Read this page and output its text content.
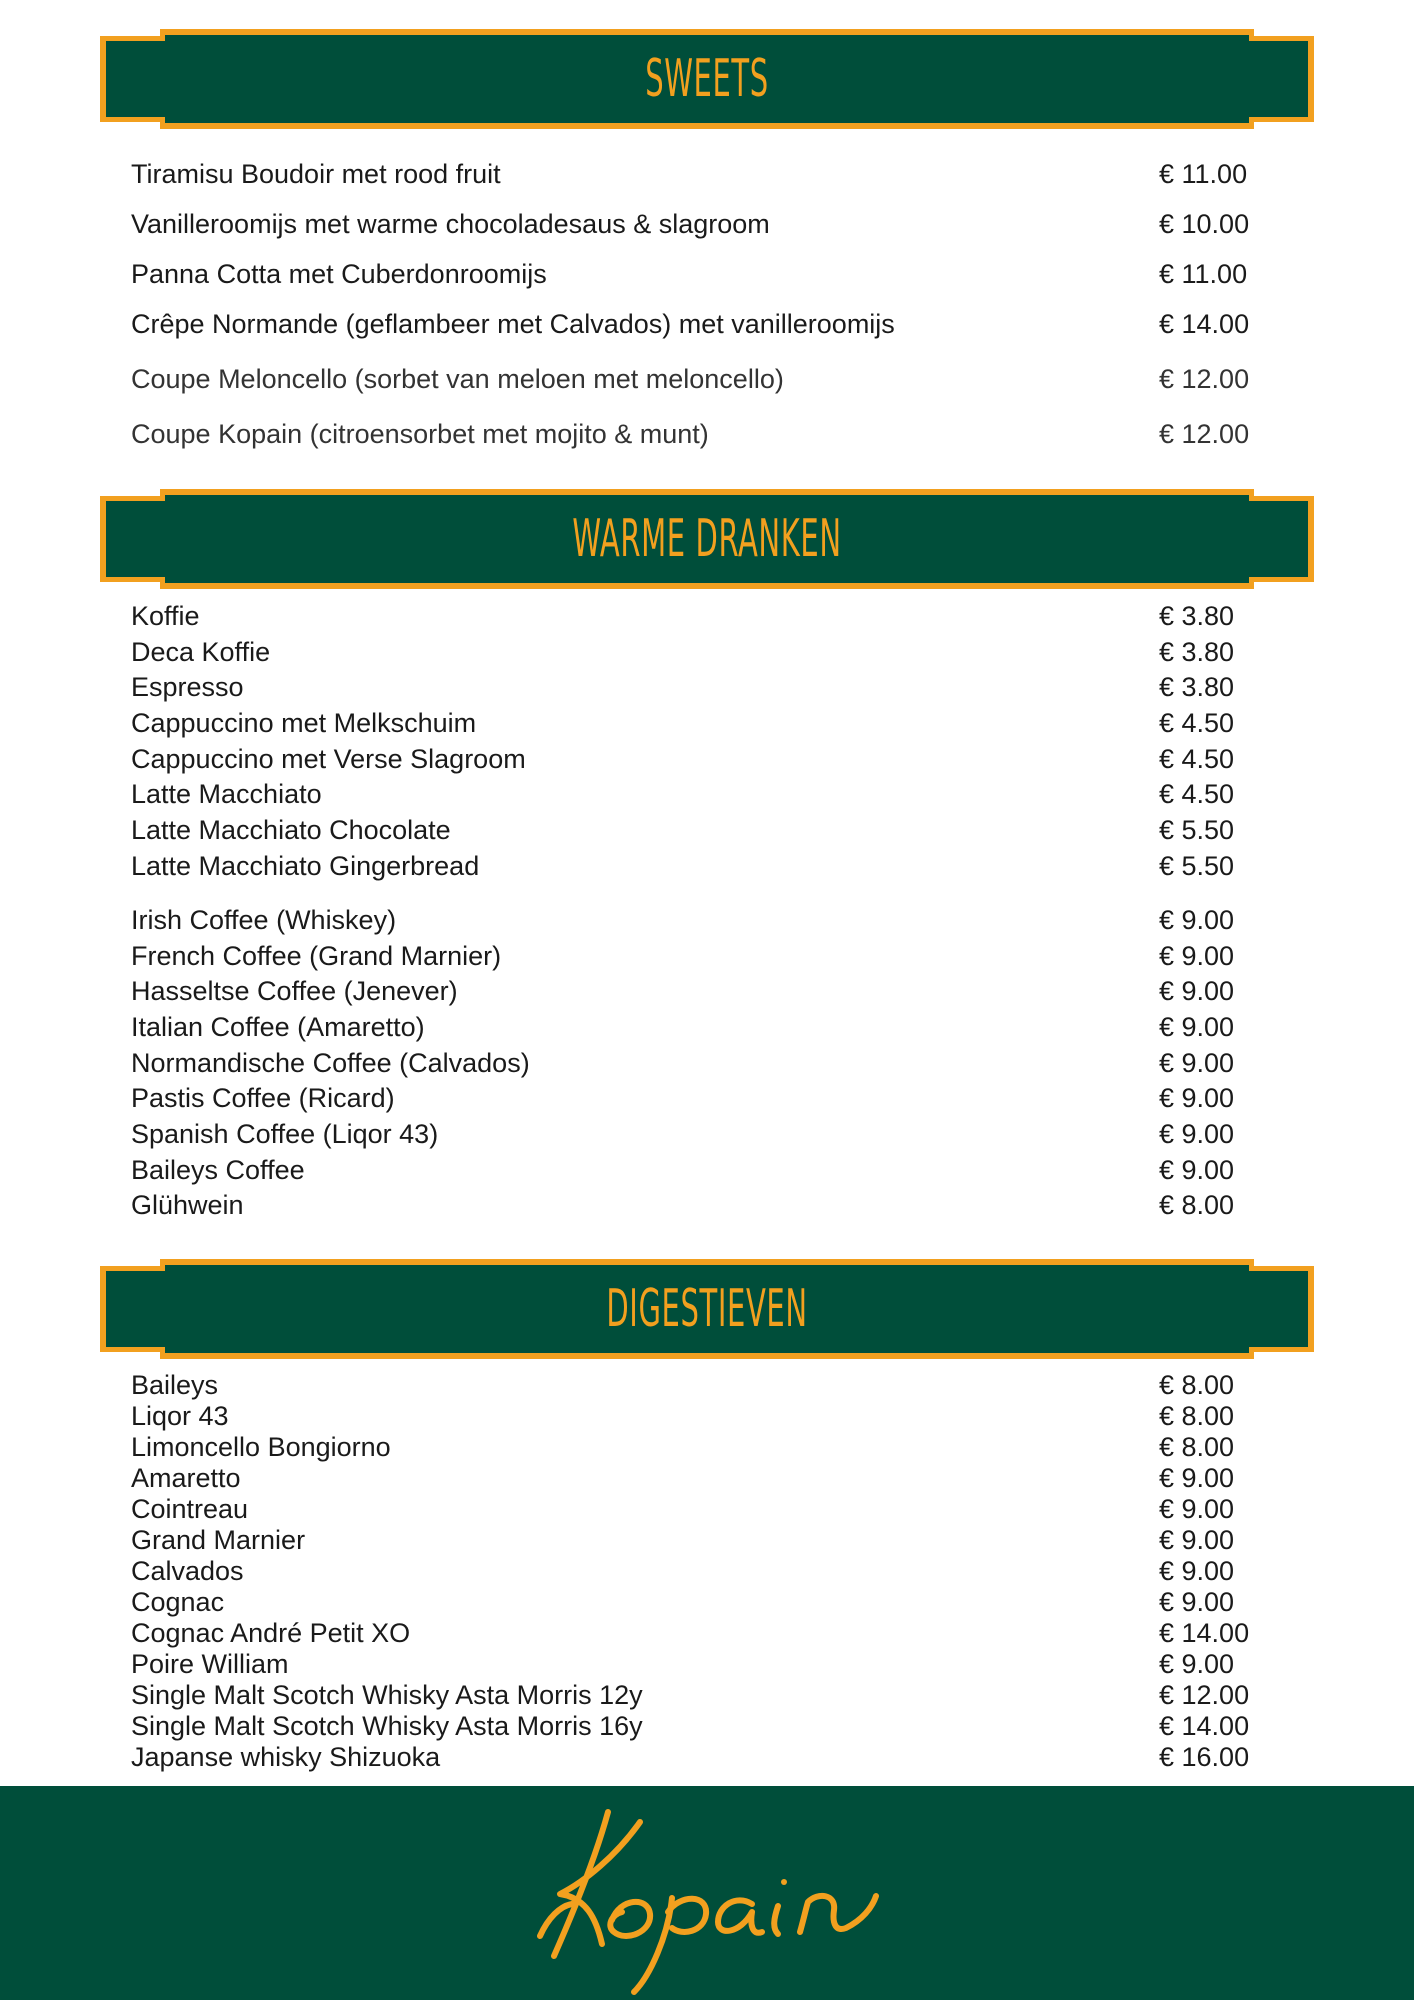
SWEETS
Tiramisu Boudoir met rood fruit	€ 11.00
Vanilleroomijs met warme chocoladesaus & slagroom	€ 10.00
Panna Cotta met Cuberdonroomijs	€ 11.00
Crêpe Normande (geflambeer met Calvados) met vanilleroomijs	€ 14.00
Coupe Meloncello (sorbet van meloen met meloncello)	€ 12.00
Coupe Kopain (citroensorbet met mojito & munt)	€ 12.00
WARME DRANKEN
Koffie	€ 3.80
Deca Koffie	€ 3.80
Espresso	€ 3.80
Cappuccino met Melkschuim	€ 4.50
Cappuccino met Verse Slagroom	€ 4.50
Latte Macchiato	€ 4.50
Latte Macchiato Chocolate	€ 5.50
Latte Macchiato Gingerbread	€ 5.50
Irish Coffee (Whiskey)	€ 9.00
French Coffee (Grand Marnier)	€ 9.00
Hasseltse Coffee (Jenever)	€ 9.00
Italian Coffee (Amaretto)	€ 9.00
Normandische Coffee (Calvados)	€ 9.00
Pastis Coffee (Ricard)	€ 9.00
Spanish Coffee (Liqor 43)	€ 9.00
Baileys Coffee	€ 9.00
Glühwein	€ 8.00
DIGESTIEVEN
Baileys	€ 8.00
Liqor 43	€ 8.00
Limoncello Bongiorno	€ 8.00
Amaretto	€ 9.00
Cointreau	€ 9.00
Grand Marnier	€ 9.00
Calvados	€ 9.00
Cognac	€ 9.00
Cognac André Petit XO	€ 14.00
Poire William	€ 9.00
Single Malt Scotch Whisky Asta Morris 12y	€ 12.00
Single Malt Scotch Whisky Asta Morris 16y	€ 14.00
Japanse whisky Shizuoka	€ 16.00
